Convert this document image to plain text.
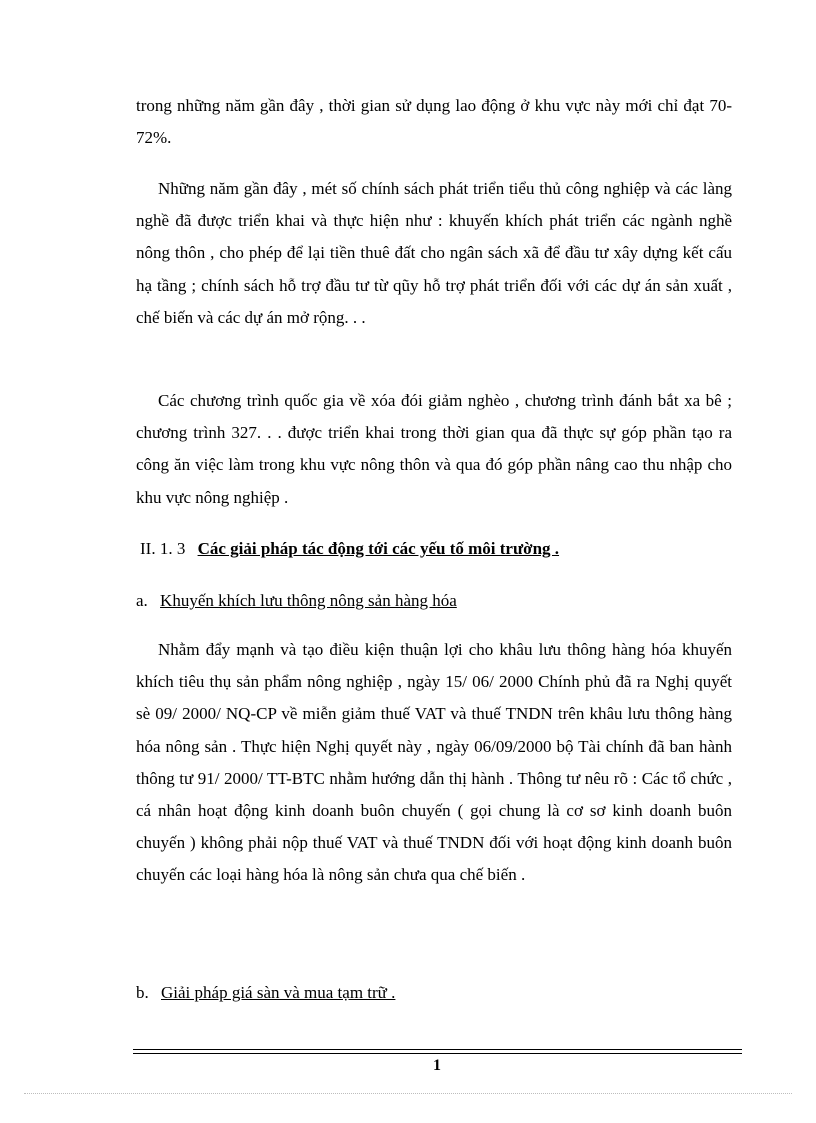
trong những năm gần đây , thời gian sử dụng lao động ở khu vực này mới chỉ đạt 70-72%.

Những năm gần đây , mét số chính sách phát triển tiểu thủ công nghiệp và các làng nghề đã được triển khai và thực hiện như : khuyến khích phát triển các ngành nghề nông thôn , cho phép để lại tiền thuê đất cho ngân sách xã để đầu tư xây dựng kết cấu hạ tầng ; chính sách hỗ trợ đầu tư từ qũy hỗ trợ phát triển đối với các dự án sản xuất , chế biến và các dự án mở rộng. . .

Các chương trình quốc gia về xóa đói giảm nghèo , chương trình đánh bắt xa bê ; chương trình 327. . . được triển khai trong thời gian qua đã thực sự góp phần tạo ra công ăn việc làm trong khu vực nông thôn và qua đó góp phần nâng cao thu nhập cho khu vực nông nghiệp .

II. 1. 3 Các giải pháp tác động tới các yếu tố môi trường .
a. Khuyến khích lưu thông nông sản hàng hóa

Nhằm đẩy mạnh và tạo điều kiện thuận lợi cho khâu lưu thông hàng hóa khuyến khích tiêu thụ sản phẩm nông nghiệp , ngày 15/ 06/ 2000 Chính phủ đã ra Nghị quyết sè 09/ 2000/ NQ-CP về miễn giảm thuế VAT và thuế TNDN trên khâu lưu thông hàng hóa nông sản . Thực hiện Nghị quyết này , ngày 06/09/2000 bộ Tài chính đã ban hành thông tư 91/ 2000/ TT-BTC nhằm hướng dẫn thị hành . Thông tư nêu rõ : Các tổ chức , cá nhân hoạt động kinh doanh buôn chuyến ( gọi chung là cơ sơ kinh doanh buôn chuyến ) không phải nộp thuế VAT và thuế TNDN đối với hoạt động kinh doanh buôn chuyến các loại hàng hóa là nông sản chưa qua chế biến .

b. Giải pháp giá sàn và mua tạm trữ .
1
